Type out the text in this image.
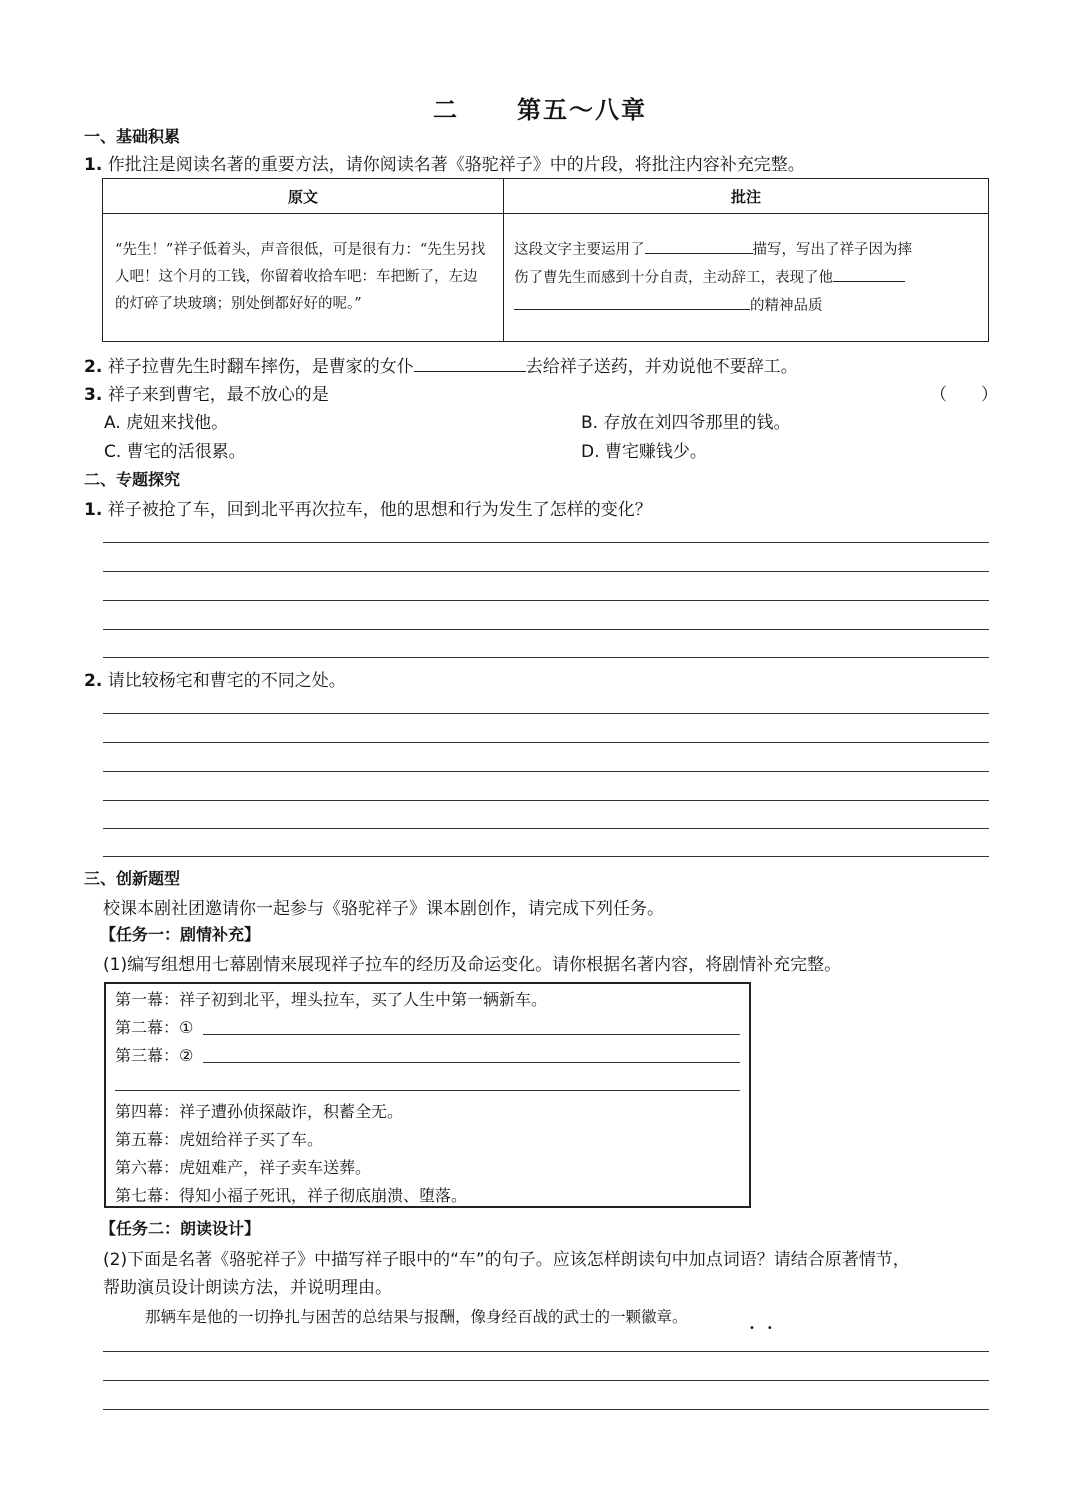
二 第五～八章
一、基础积累
1. 作批注是阅读名著的重要方法，请你阅读名著《骆驼祥子》中的片段，将批注内容补充完整。
原文	批注
“先生！”祥子低着头，声音很低，可是很有力：“先生另找人吧！这个月的工钱，你留着收拾车吧：车把断了，左边的灯碎了块玻璃；别处倒都好好的呢。”	这段文字主要运用了 描写，写出了祥子因为摔
伤了曹先生而感到十分自责，主动辞工，表现了他
的精神品质
2. 祥子拉曹先生时翻车摔伤，是曹家的女仆	去给祥子送药，并劝说他不要辞工。
3. 祥子来到曹宅，最不放心的是	（　　）
A. 虎妞来找他。	B. 存放在刘四爷那里的钱。
C. 曹宅的活很累。	D. 曹宅赚钱少。
二、专题探究
1. 祥子被抢了车，回到北平再次拉车，他的思想和行为发生了怎样的变化？
2. 请比较杨宅和曹宅的不同之处。
三、创新题型
校课本剧社团邀请你一起参与《骆驼祥子》课本剧创作，请完成下列任务。
【任务一：剧情补充】
(1)编写组想用七幕剧情来展现祥子拉车的经历及命运变化。请你根据名著内容，将剧情补充完整。
第一幕：祥子初到北平，埋头拉车，买了人生中第一辆新车。
第二幕：①
第三幕：②
第四幕：祥子遭孙侦探敲诈，积蓄全无。
第五幕：虎妞给祥子买了车。
第六幕：虎妞难产，祥子卖车送葬。
第七幕：得知小福子死讯，祥子彻底崩溃、堕落。
【任务二：朗读设计】
(2)下面是名著《骆驼祥子》中描写祥子眼中的“车”的句子。应该怎样朗读句中加点词语？请结合原著情节，
帮助演员设计朗读方法，并说明理由。
那辆车是他的一切挣扎与困苦的总结果与报酬，像身经百战的武士的一颗徽章。
••
